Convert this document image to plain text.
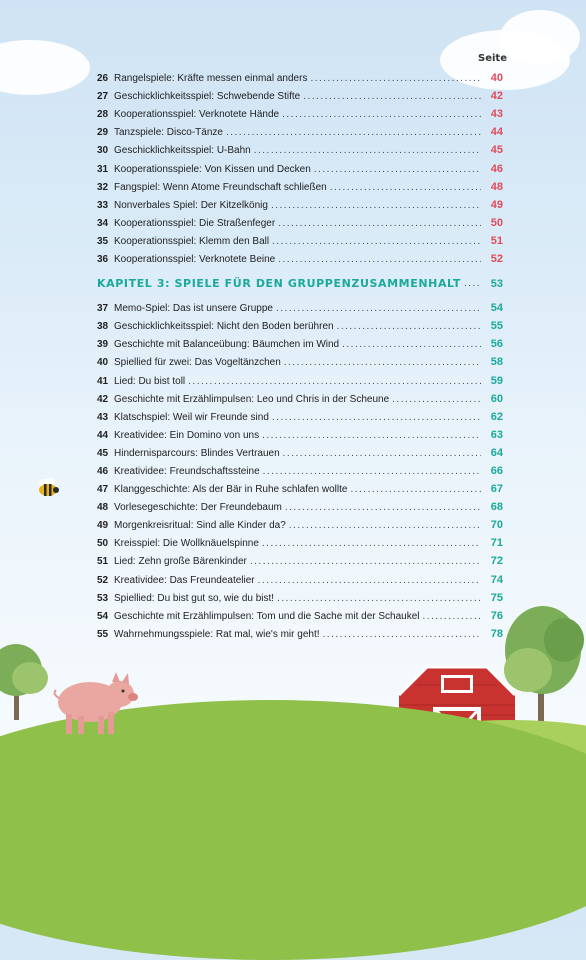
Seite
26 Rangelspiele: Kräfte messen einmal anders .....	40
27 Geschicklichkeitsspiel: Schwebende Stifte .....	42
28 Kooperationsspiel: Verknotete Hände .....	43
29 Tanzspiele: Disco-Tänze .....	44
30 Geschicklichkeitsspiel: U-Bahn .....	45
31 Kooperationsspiele: Von Kissen und Decken .....	46
32 Fangspiel: Wenn Atome Freundschaft schließen .....	48
33 Nonverbales Spiel: Der Kitzelkönig .....	49
34 Kooperationsspiel: Die Straßenfeger .....	50
35 Kooperationsspiel: Klemm den Ball .....	51
36 Kooperationsspiel: Verknotete Beine .....	52
KAPITEL 3: SPIELE FÜR DEN GRUPPENZUSAMMENHALT .....	53
37 Memo-Spiel: Das ist unsere Gruppe .....	54
38 Geschicklichkeitsspiel: Nicht den Boden berühren .....	55
39 Geschichte mit Balanceübung: Bäumchen im Wind .....	56
40 Spiellied für zwei: Das Vogeltänzchen .....	58
41 Lied: Du bist toll .....	59
42 Geschichte mit Erzählimpulsen: Leo und Chris in der Scheune .....	60
43 Klatschspiel: Weil wir Freunde sind .....	62
44 Kreatividee: Ein Domino von uns .....	63
45 Hindernisparcours: Blindes Vertrauen .....	64
46 Kreatividee: Freundschaftssteine .....	66
47 Klanggeschichte: Als der Bär in Ruhe schlafen wollte .....	67
48 Vorlesegeschichte: Der Freundebaum .....	68
49 Morgenkreisritual: Sind alle Kinder da? .....	70
50 Kreisspiel: Die Wollknäuelspinne .....	71
51 Lied: Zehn große Bärenkinder .....	72
52 Kreatividee: Das Freundeatelier .....	74
53 Spiellied: Du bist gut so, wie du bist! .....	75
54 Geschichte mit Erzählimpulsen: Tom und die Sache mit der Schaukel .....	76
55 Wahrnehmungsspiele: Rat mal, wie's mir geht! .....	78
